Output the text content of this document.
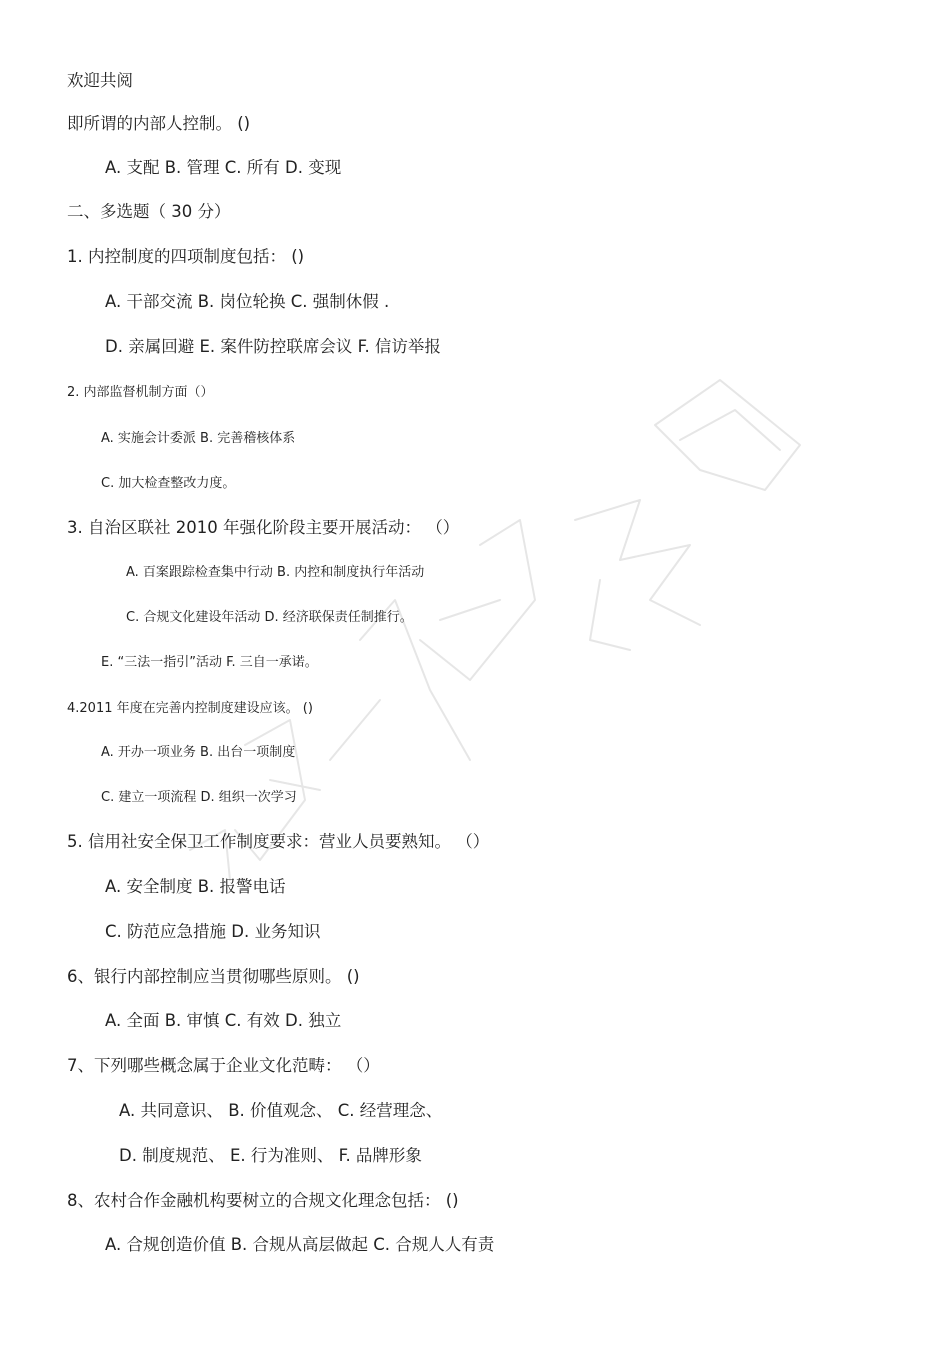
欢迎共阅
即所谓的内部人控制。 ()
A. 支配 B. 管理 C. 所有 D. 变现
二、多选题（ 30 分）
1. 内控制度的四项制度包括： ()
A. 干部交流 B. 岗位轮换 C. 强制休假 .
D. 亲属回避 E. 案件防控联席会议 F. 信访举报
2. 内部监督机制方面（）
A. 实施会计委派 B. 完善稽核体系
C. 加大检查整改力度。
3. 自治区联社 2010 年强化阶段主要开展活动： （）
A. 百案跟踪检查集中行动 B. 内控和制度执行年活动
C. 合规文化建设年活动 D. 经济联保责任制推行。
E. “三法一指引”活动 F. 三自一承诺。
4.2011 年度在完善内控制度建设应该。 ()
A. 开办一项业务 B. 出台一项制度
C. 建立一项流程 D. 组织一次学习
5. 信用社安全保卫工作制度要求：营业人员要熟知。 （）
A. 安全制度 B. 报警电话
C. 防范应急措施 D. 业务知识
6、银行内部控制应当贯彻哪些原则。 ()
A. 全面 B. 审慎 C. 有效 D. 独立
7、下列哪些概念属于企业文化范畴： （）
A. 共同意识、 B. 价值观念、 C. 经营理念、
D. 制度规范、 E. 行为准则、 F. 品牌形象
8、农村合作金融机构要树立的合规文化理念包括： ()
A. 合规创造价值 B. 合规从高层做起 C. 合规人人有责
